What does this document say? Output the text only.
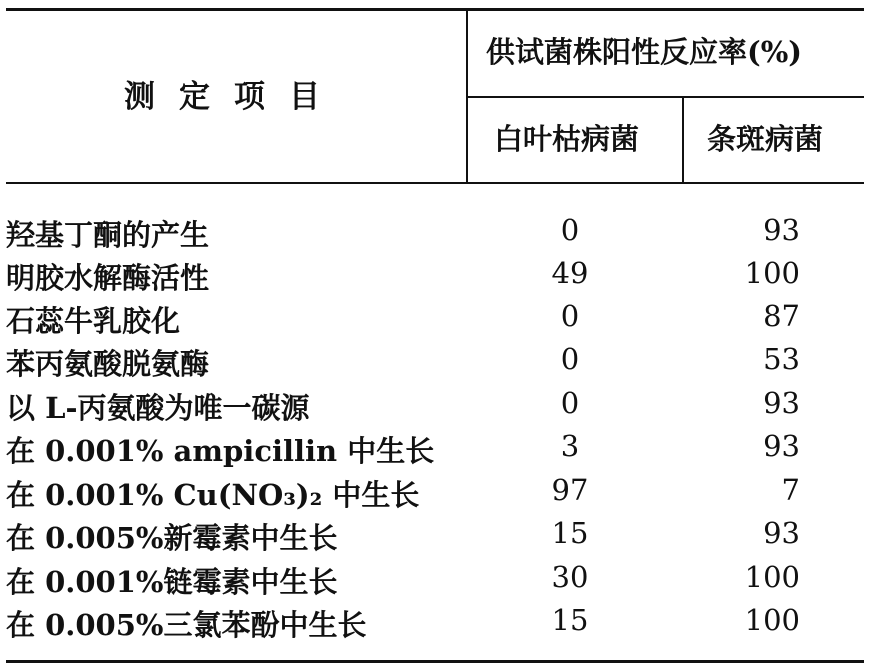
测定项目
供试菌株阳性反应率(%)
白叶枯病菌 条斑病菌
羟基丁酮的产生	0	93
明胶水解酶活性	49	100
石蕊牛乳胶化	0	87
苯丙氨酸脱氨酶	0	53
以 L-丙氨酸为唯一碳源	0	93
在 0.001% ampicillin 中生长	3	93
在 0.001% Cu(NO₃)₂ 中生长	97	7
在 0.005%新霉素中生长	15	93
在 0.001%链霉素中生长	30	100
在 0.005%三氯苯酚中生长	15	100
